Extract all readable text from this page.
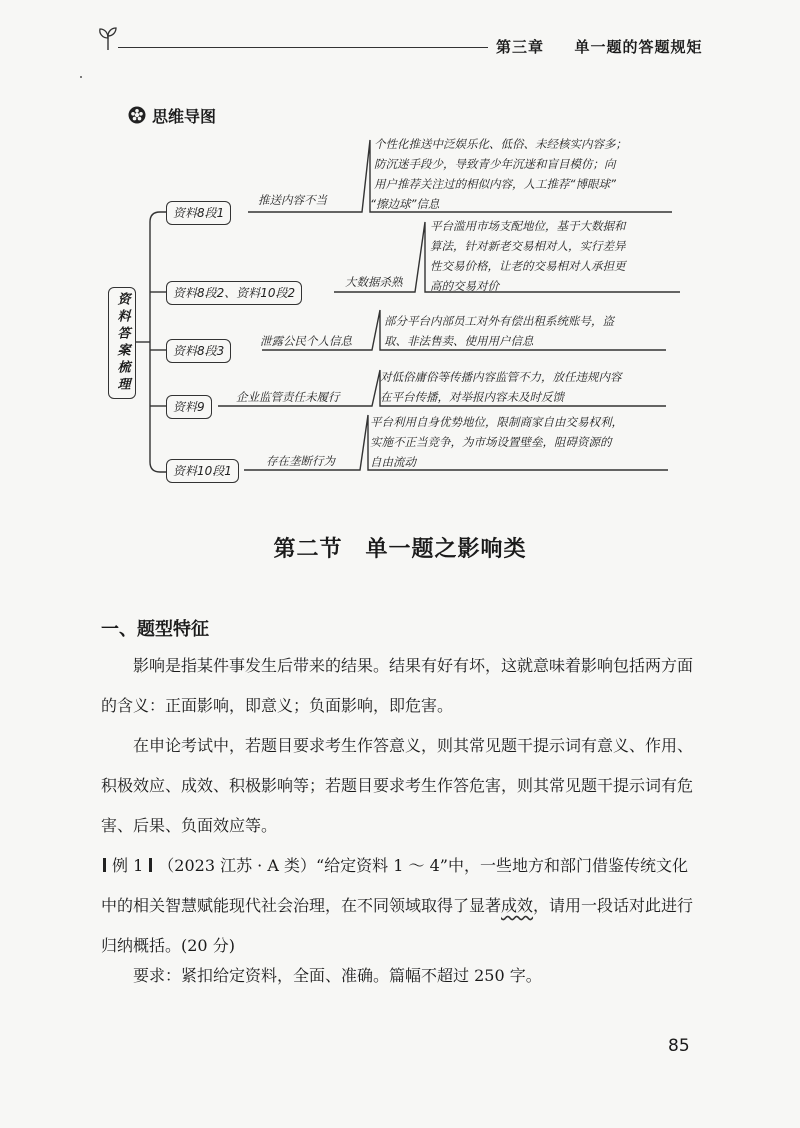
第三章 单一题的答题规矩
思维导图
资料答案梳理
资料8段1
资料8段2、资料10段2
资料8段3
资料9
资料10段1
推送内容不当
大数据杀熟
泄露公民个人信息
企业监管责任未履行
存在垄断行为
个性化推送中泛娱乐化、低俗、未经核实内容多；
防沉迷手段少，导致青少年沉迷和盲目模仿；向
用户推荐关注过的相似内容，人工推荐“博眼球”
“擦边球”信息
平台滥用市场支配地位，基于大数据和
算法，针对新老交易相对人，实行差异
性交易价格，让老的交易相对人承担更
高的交易对价
部分平台内部员工对外有偿出租系统账号，盗
取、非法售卖、使用用户信息
对低俗庸俗等传播内容监管不力，放任违规内容
在平台传播，对举报内容未及时反馈
平台利用自身优势地位，限制商家自由交易权利，
实施不正当竞争，为市场设置壁垒，阻碍资源的
自由流动
第二节　单一题之影响类
一、题型特征
影响是指某件事发生后带来的结果。结果有好有坏，这就意味着影响包括两方面的含义：正面影响，即意义；负面影响，即危害。
在申论考试中，若题目要求考生作答意义，则其常见题干提示词有意义、作用、积极效应、成效、积极影响等；若题目要求考生作答危害，则其常见题干提示词有危害、后果、负面效应等。
例 1 （2023 江苏 · A 类）“给定资料 1 ～ 4”中，一些地方和部门借鉴传统文化中的相关智慧赋能现代社会治理，在不同领域取得了显著成效，请用一段话对此进行归纳概括。(20 分)
要求：紧扣给定资料，全面、准确。篇幅不超过 250 字。
85
